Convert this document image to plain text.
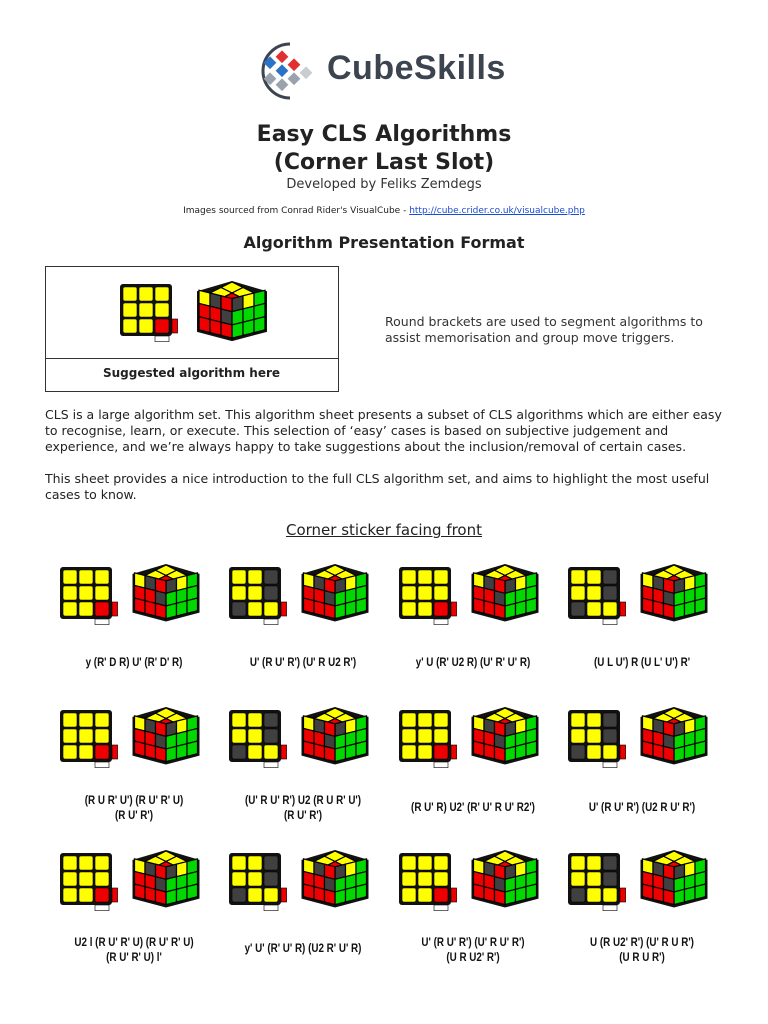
CubeSkills
Easy CLS Algorithms
(Corner Last Slot)
Developed by Feliks Zemdegs
Images sourced from Conrad Rider's VisualCube - http://cube.crider.co.uk/visualcube.php
Algorithm Presentation Format
Suggested algorithm here
Round brackets are used to segment algorithms to assist memorisation and group move triggers.
CLS is a large algorithm set. This algorithm sheet presents a subset of CLS algorithms which are either easy to recognise, learn, or execute. This selection of ‘easy’ cases is based on subjective judgement and experience, and we’re always happy to take suggestions about the inclusion/removal of certain cases.
This sheet provides a nice introduction to the full CLS algorithm set, and aims to highlight the most useful cases to know.
Corner sticker facing front
y (R' D R) U' (R' D' R)	U' (R U' R') (U' R U2 R')	y' U (R' U2 R) (U' R' U' R)	(U L U') R (U L' U') R'
(R U R' U') (R U' R' U)
(R U' R')
(U' R U' R') U2 (R U R' U')
(R U' R')
(R U' R) U2' (R' U' R U' R2')	U' (R U' R') (U2 R U' R')
U2 l (R U' R' U) (R U' R' U)
(R U' R' U) l'
y' U' (R' U' R) (U2 R' U' R)	U' (R U' R') (U' R U' R')
(U R U2' R')
U (R U2' R') (U' R U R')
(U R U R')
